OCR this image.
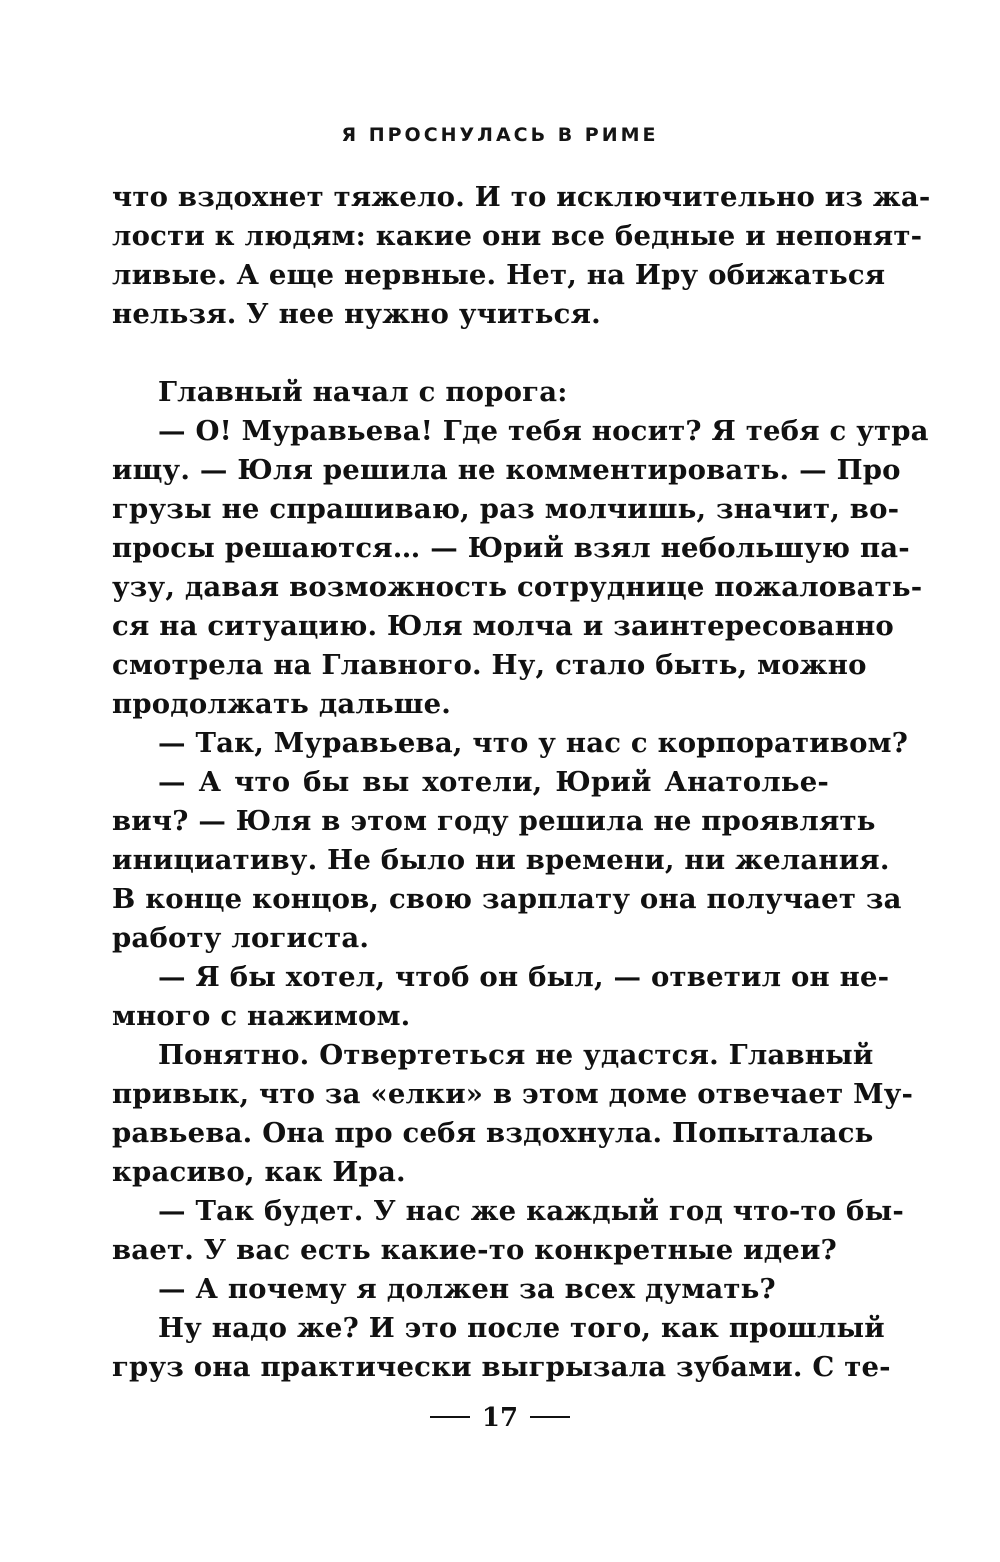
Я ПРОСНУЛАСЬ В РИМЕ
что вздохнет тяжело. И то исключительно из жа-
лости к людям: какие они все бедные и непонят-
ливые. А еще нервные. Нет, на Иру обижаться
нельзя. У нее нужно учиться.
Главный начал с порога:
— О! Муравьева! Где тебя носит? Я тебя с утра
ищу. — Юля решила не комментировать. — Про
грузы не спрашиваю, раз молчишь, значит, во-
просы решаются… — Юрий взял небольшую па-
узу, давая возможность сотруднице пожаловать-
ся на ситуацию. Юля молча и заинтересованно
смотрела на Главного. Ну, стало быть, можно
продолжать дальше.
— Так, Муравьева, что у нас с корпоративом?
— А что бы вы хотели, Юрий Анатолье-
вич? — Юля в этом году решила не проявлять
инициативу. Не было ни времени, ни желания.
В конце концов, свою зарплату она получает за
работу логиста.
— Я бы хотел, чтоб он был, — ответил он не-
много с нажимом.
Понятно. Отвертеться не удастся. Главный
привык, что за «елки» в этом доме отвечает Му-
равьева. Она про себя вздохнула. Попыталась
красиво, как Ира.
— Так будет. У нас же каждый год что-то бы-
вает. У вас есть какие-то конкретные идеи?
— А почему я должен за всех думать?
Ну надо же? И это после того, как прошлый
груз она практически выгрызала зубами. С те-
17
